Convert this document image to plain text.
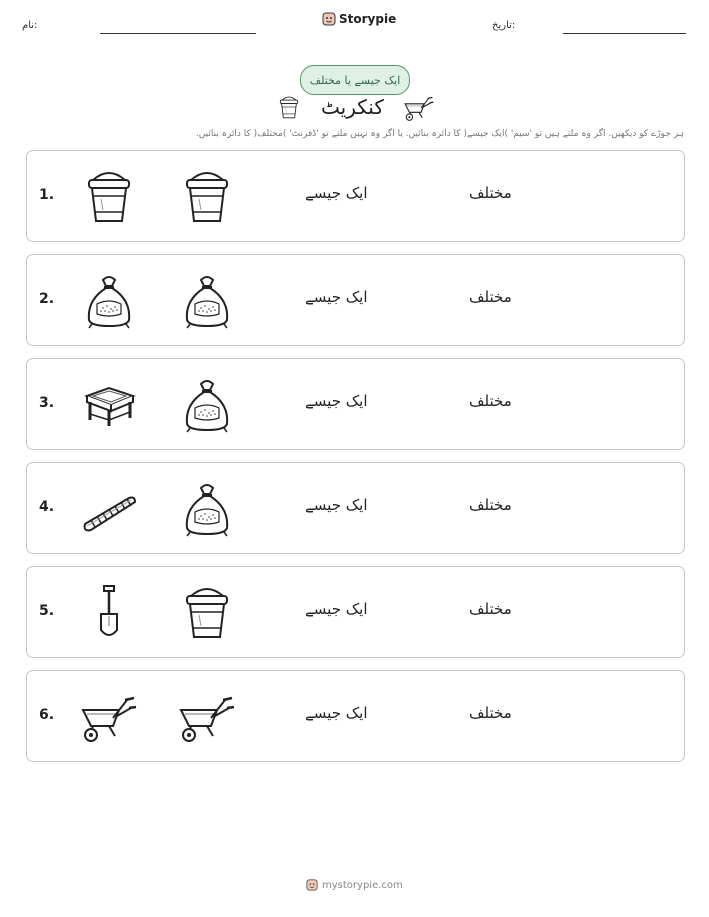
نام:	Storypie	تاریخ:
ایک جیسے یا مختلف
کنکریٹ
ہر جوڑے کو دیکھیں. اگر وہ ملتے ہیں تو 'سیم' )ایک جیسے( کا دائرہ بنائیں. یا اگر وہ نہیں ملتے تو 'ڈفرنٹ' )مختلف( کا دائرہ بنائیں.
1.	ایک جیسے	مختلف
2.	ایک جیسے	مختلف
3.	ایک جیسے	مختلف
4.	ایک جیسے	مختلف
5.	ایک جیسے	مختلف
6.	ایک جیسے	مختلف
mystorypie.com
